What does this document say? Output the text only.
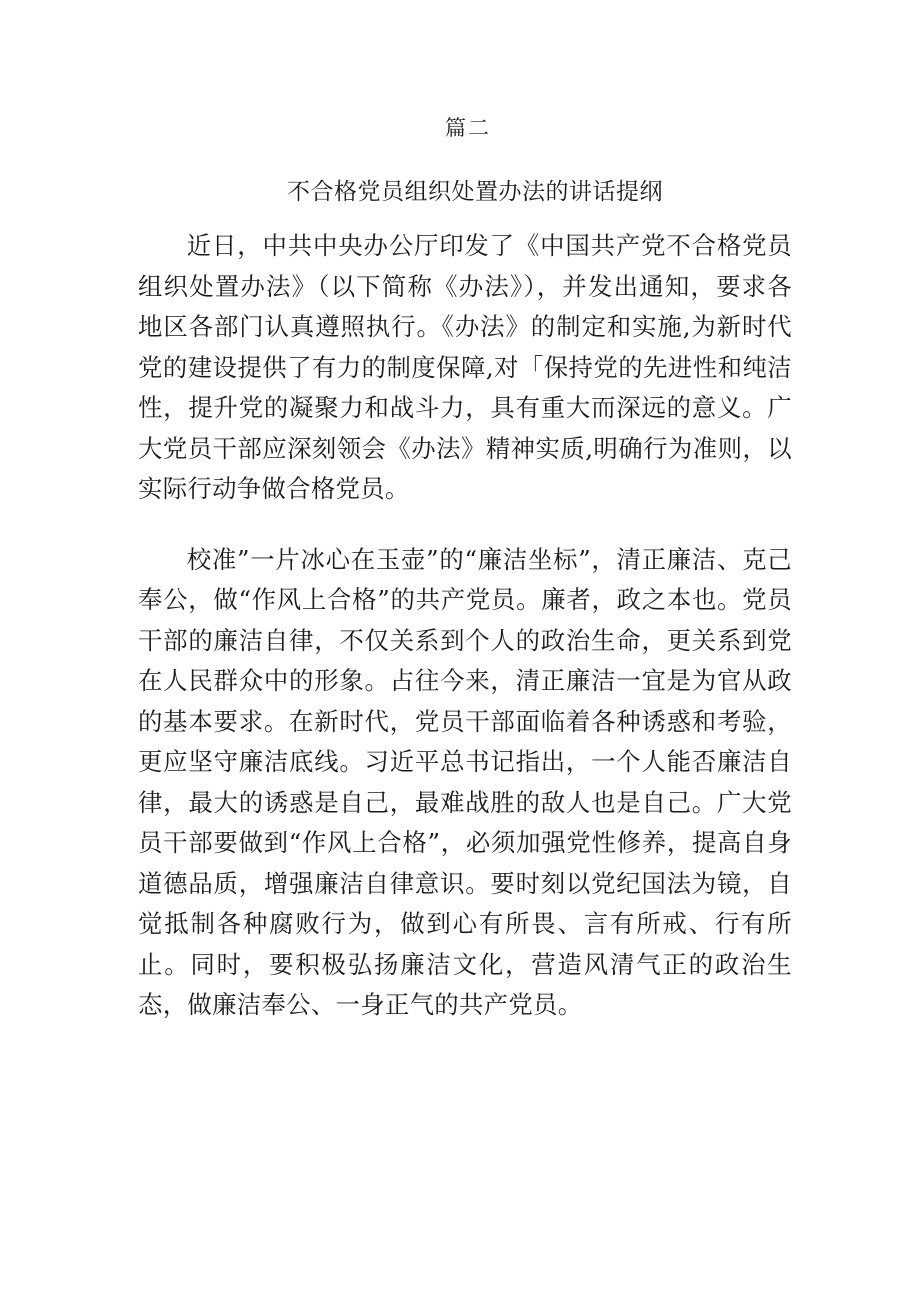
篇二
不合格党员组织处置办法的讲话提纲

近日，中共中央办公厅印发了《中国共产党不合格党员组织处置办法》（以下简称《办法》），并发出通知，要求各地区各部门认真遵照执行。《办法》的制定和实施,为新时代党的建设提供了有力的制度保障,对「保持党的先进性和纯洁性，提升党的凝聚力和战斗力，具有重大而深远的意义。广大党员干部应深刻领会《办法》精神实质,明确行为准则，以实际行动争做合格党员。

校准”一片冰心在玉壶”的“廉洁坐标”，清正廉洁、克己奉公，做“作风上合格”的共产党员。廉者，政之本也。党员干部的廉洁自律，不仅关系到个人的政治生命，更关系到党在人民群众中的形象。占往今来，清正廉洁一宜是为官从政的基本要求。在新时代，党员干部面临着各种诱惑和考验，更应坚守廉洁底线。习近平总书记指出，一个人能否廉洁自律，最大的诱惑是自己，最难战胜的敌人也是自己。广大党员干部要做到“作风上合格”，必须加强党性修养，提高自身道德品质，增强廉洁自律意识。要时刻以党纪国法为镜，自觉抵制各种腐败行为，做到心有所畏、言有所戒、行有所止。同时，要积极弘扬廉洁文化，营造风清气正的政治生态，做廉洁奉公、一身正气的共产党员。
